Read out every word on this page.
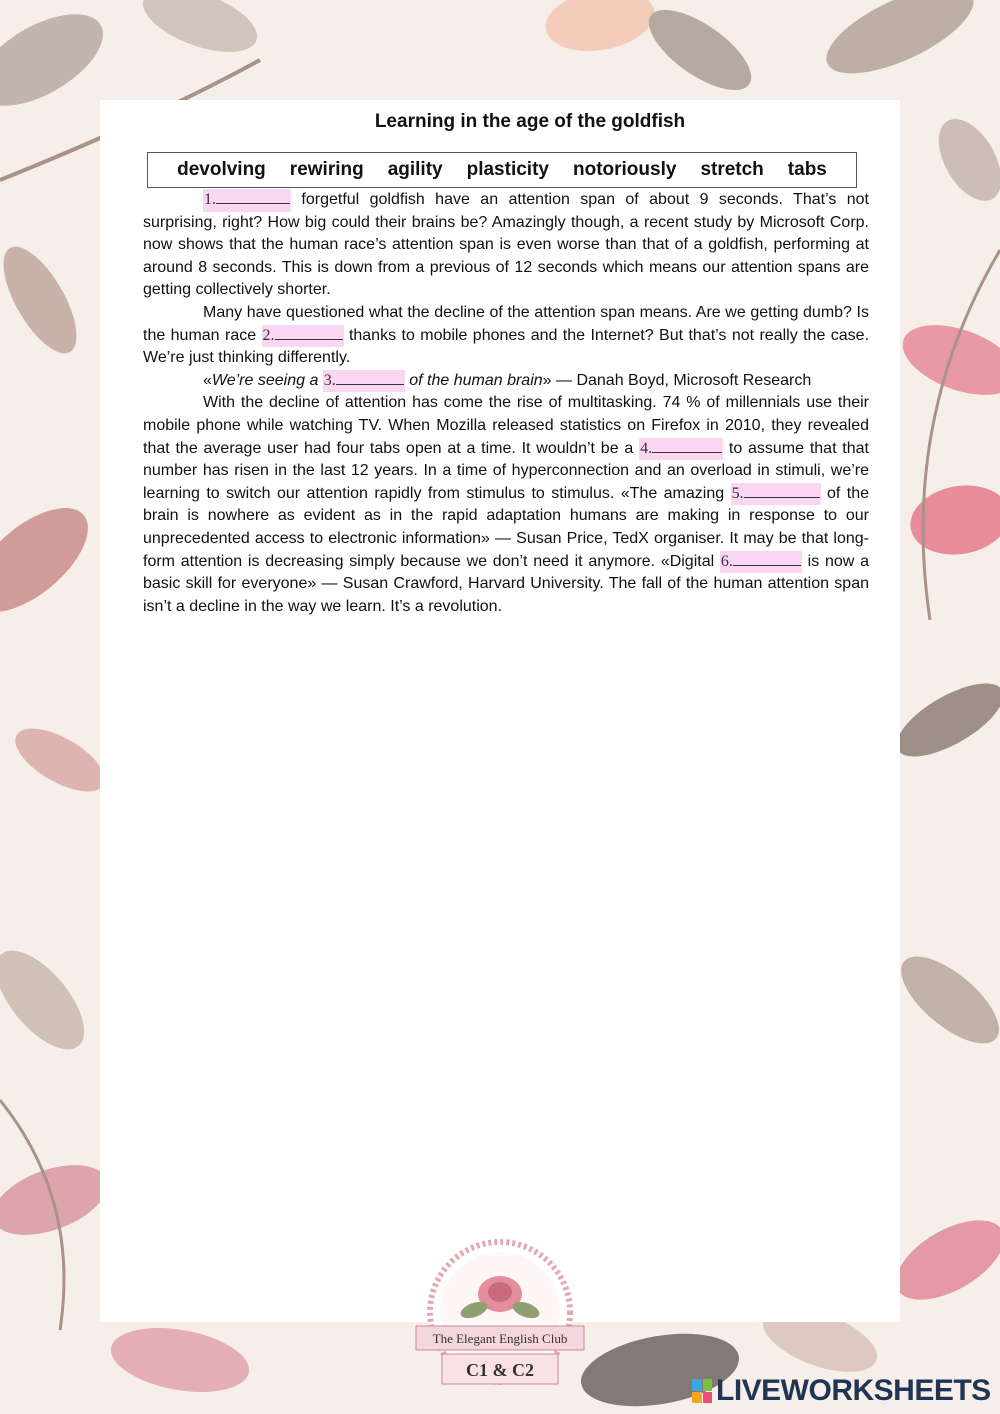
Learning in the age of the goldfish
devolving rewiring agility plasticity notoriously stretch tabs

1.	forgetful goldfish have an attention span of about 9 seconds. That’s not surprising, right? How big could their brains be? Amazingly though, a recent study by Microsoft Corp. now shows that the human race’s attention span is even worse than that of a goldfish, performing at around 8 seconds. This is down from a previous of 12 seconds which means our attention spans are getting collectively shorter.

Many have questioned what the decline of the attention span means. Are we getting dumb? Is the human race 2.	thanks to mobile phones and the Internet? But that’s not really the case. We’re just thinking differently.

«We’re seeing a 3.	of the human brain» — Danah Boyd, Microsoft Research

With the decline of attention has come the rise of multitasking. 74 % of millennials use their mobile phone while watching TV. When Mozilla released statistics on Firefox in 2010, they revealed that the average user had four tabs open at a time. It wouldn’t be a 4.	to assume that that number has risen in the last 12 years. In a time of hyperconnection and an overload in stimuli, we’re learning to switch our attention rapidly from stimulus to stimulus. «The amazing 5.	of the brain is nowhere as evident as in the rapid adaptation humans are making in response to our unprecedented access to electronic information» — Susan Price, TedX organiser. It may be that long-form attention is decreasing simply because we don’t need it anymore. «Digital 6.	is now a basic skill for everyone» — Susan Crawford, Harvard University. The fall of the human attention span isn’t a decline in the way we learn. It’s a revolution.

The Elegant English Club
C1 & C2
LIVEWORKSHEETS
